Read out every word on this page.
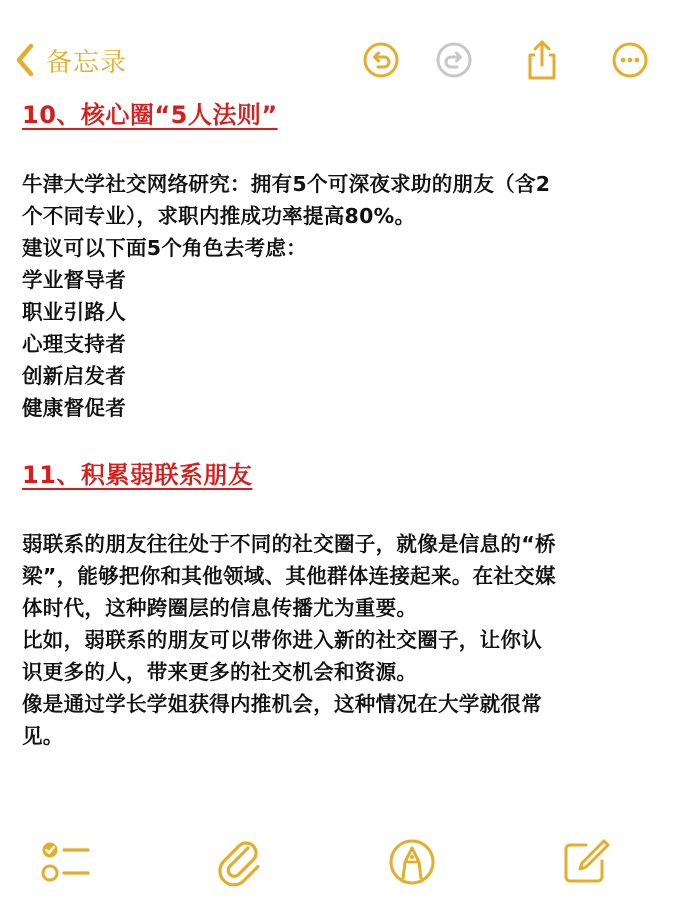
备忘录

10、核心圈“5人法则”

牛津大学社交网络研究：拥有5个可深夜求助的朋友（含2

个不同专业），求职内推成功率提高80%。

建议可以下面5个角色去考虑：

学业督导者

职业引路人

心理支持者

创新启发者

健康督促者

11、积累弱联系朋友

弱联系的朋友往往处于不同的社交圈子，就像是信息的“桥

梁”，能够把你和其他领域、其他群体连接起来。在社交媒

体时代，这种跨圈层的信息传播尤为重要。

比如，弱联系的朋友可以带你进入新的社交圈子，让你认

识更多的人，带来更多的社交机会和资源。

像是通过学长学姐获得内推机会，这种情况在大学就很常

见。
